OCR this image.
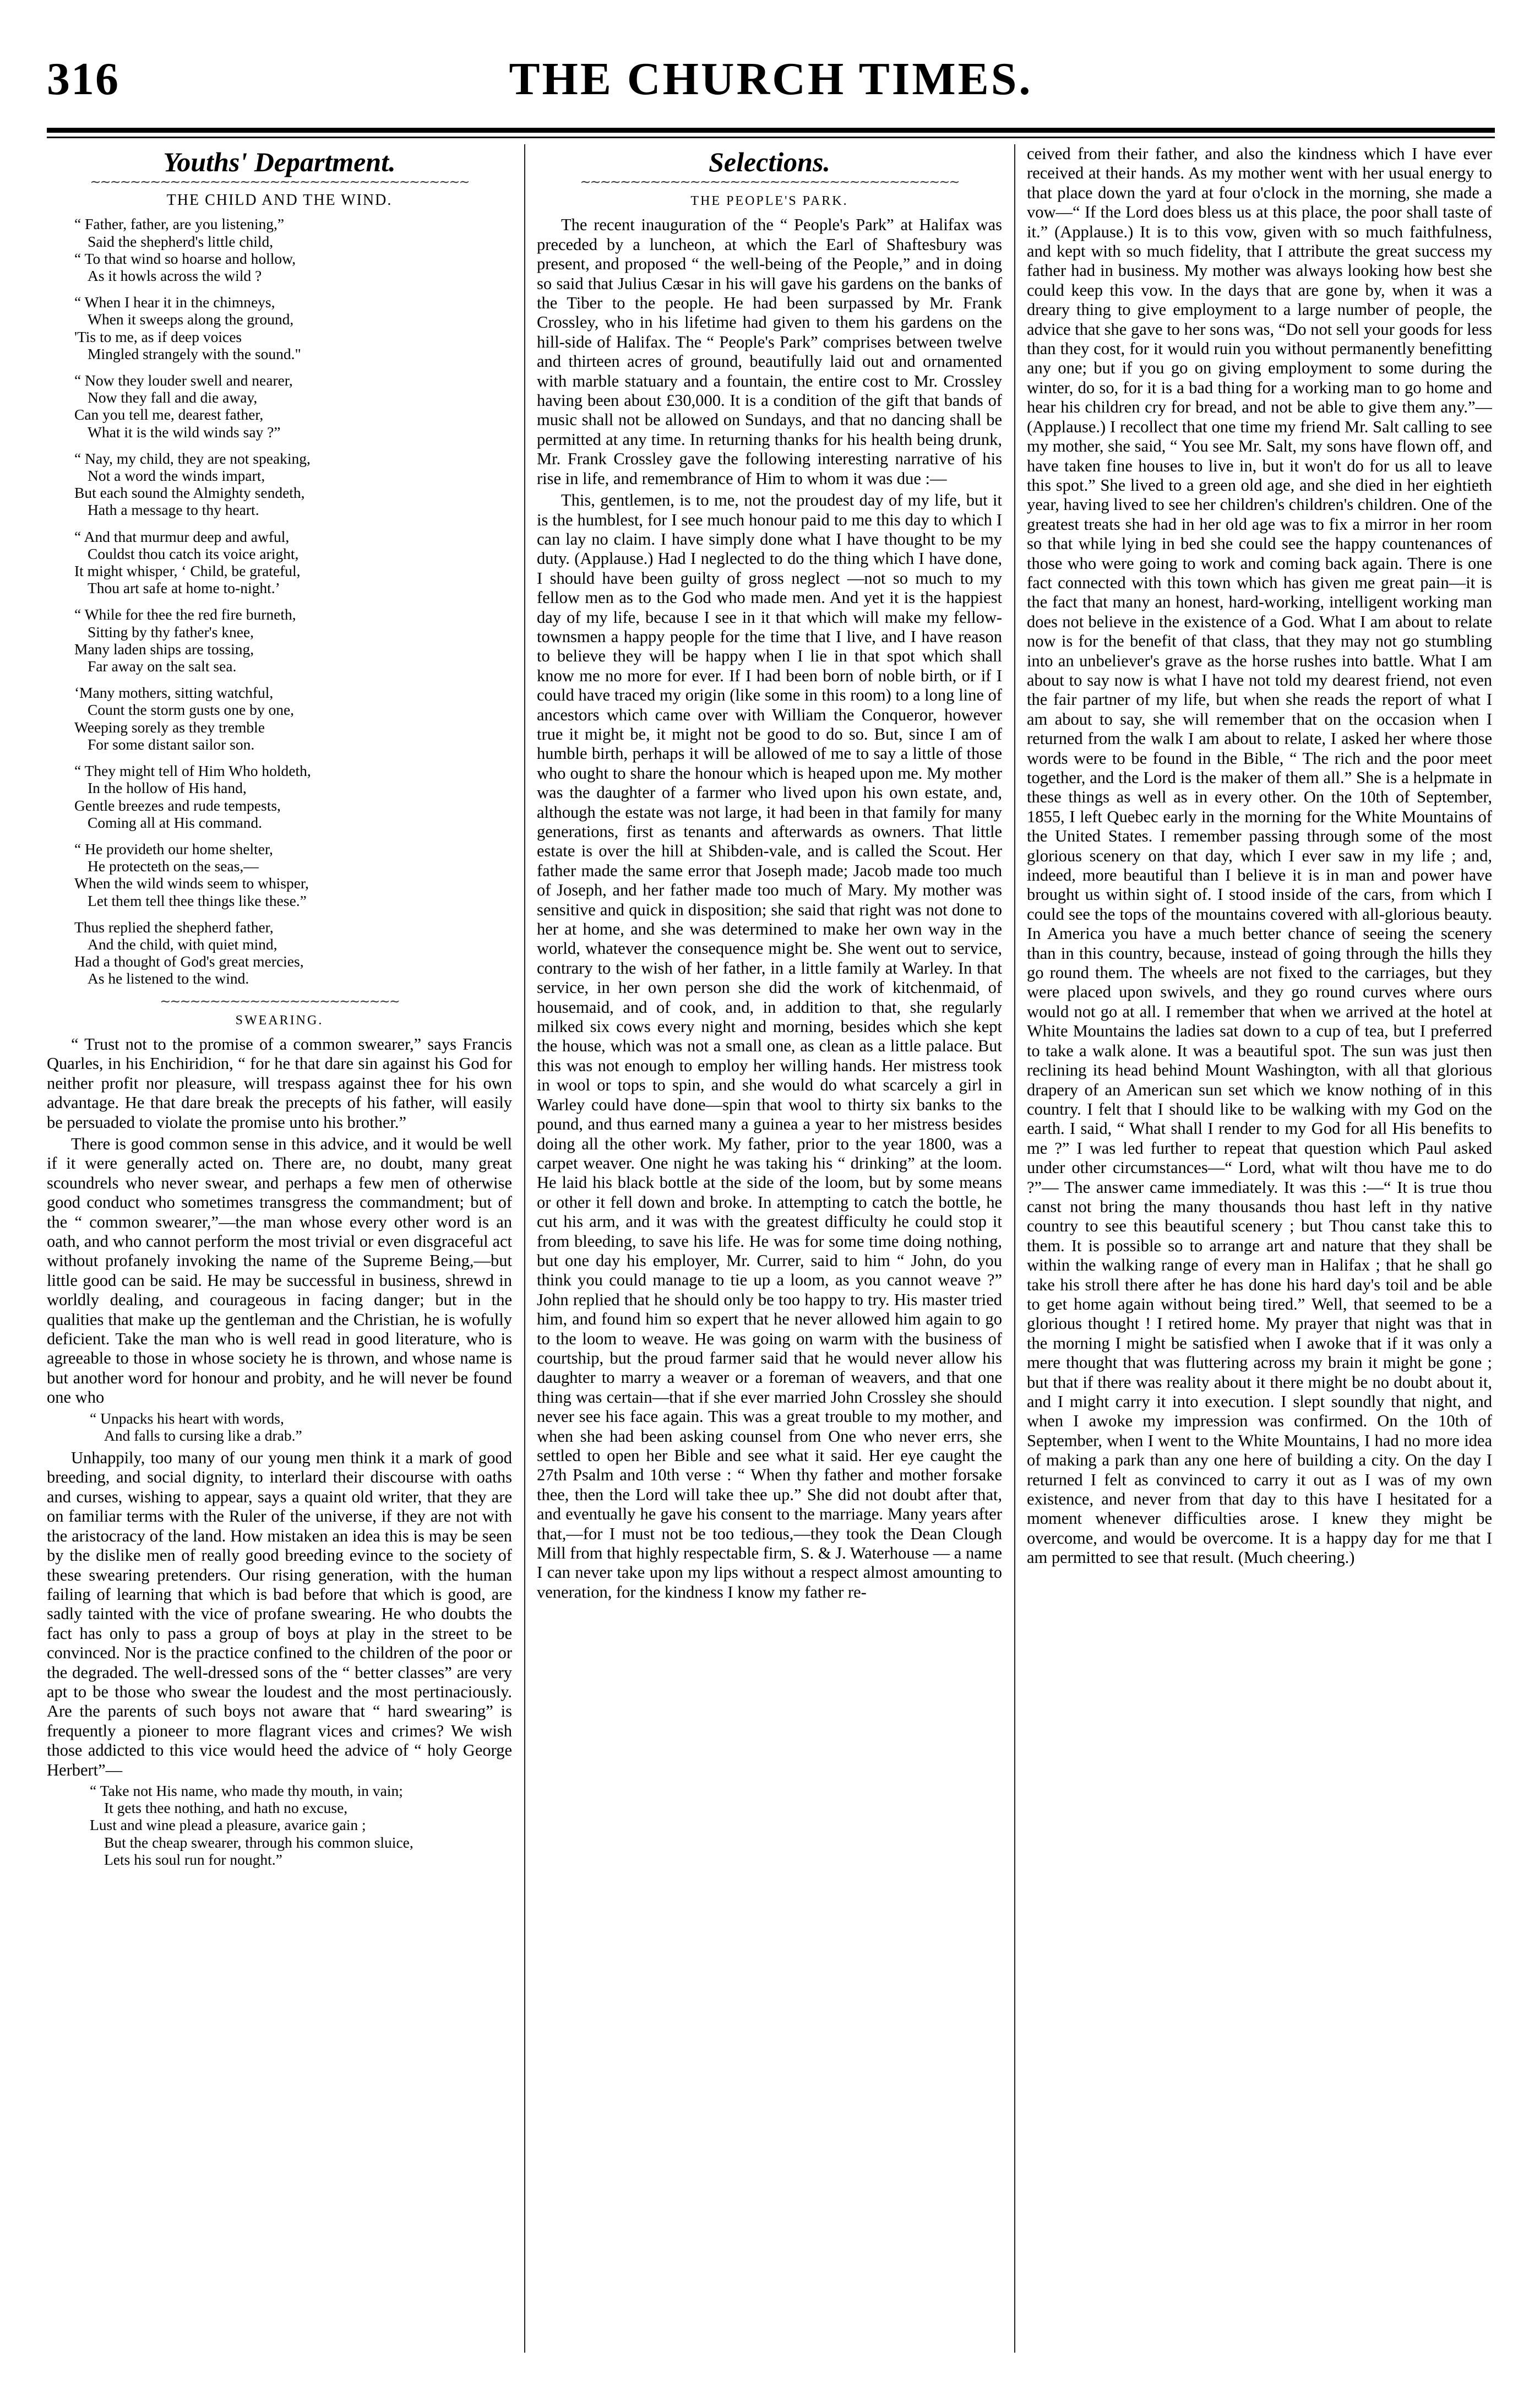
316	THE CHURCH TIMES.
Youths' Department.
∼∼∼∼∼∼∼∼∼∼∼∼∼∼∼∼∼∼∼∼∼∼∼∼∼∼∼∼∼∼∼∼∼∼∼∼∼∼
THE CHILD AND THE WIND.
“ Father, father, are you listening,”
Said the shepherd's little child,
“ To that wind so hoarse and hollow,
As it howls across the wild ?
“ When I hear it in the chimneys,
When it sweeps along the ground,
'Tis to me, as if deep voices
Mingled strangely with the sound."
“ Now they louder swell and nearer,
Now they fall and die away,
Can you tell me, dearest father,
What it is the wild winds say ?”
“ Nay, my child, they are not speaking,
Not a word the winds impart,
But each sound the Almighty sendeth,
Hath a message to thy heart.
“ And that murmur deep and awful,
Couldst thou catch its voice aright,
It might whisper, ‘ Child, be grateful,
Thou art safe at home to-night.’
“ While for thee the red fire burneth,
Sitting by thy father's knee,
Many laden ships are tossing,
Far away on the salt sea.
‘Many mothers, sitting watchful,
Count the storm gusts one by one,
Weeping sorely as they tremble
For some distant sailor son.
“ They might tell of Him Who holdeth,
In the hollow of His hand,
Gentle breezes and rude tempests,
Coming all at His command.
“ He provideth our home shelter,
He protecteth on the seas,—
When the wild winds seem to whisper,
Let them tell thee things like these.”
Thus replied the shepherd father,
And the child, with quiet mind,
Had a thought of God's great mercies,
As he listened to the wind.
∼∼∼∼∼∼∼∼∼∼∼∼∼∼∼∼∼∼∼∼∼∼∼∼
SWEARING.

“ Trust not to the promise of a common swearer,” says Francis Quarles, in his Enchiridion, “ for he that dare sin against his God for neither profit nor pleasure, will trespass against thee for his own advantage. He that dare break the precepts of his father, will easily be persuaded to violate the promise unto his brother.”

There is good common sense in this advice, and it would be well if it were generally acted on. There are, no doubt, many great scoundrels who never swear, and perhaps a few men of otherwise good conduct who sometimes transgress the commandment; but of the “ common swearer,”—the man whose every other word is an oath, and who cannot perform the most trivial or even disgraceful act without profanely invoking the name of the Supreme Being,—but little good can be said. He may be successful in business, shrewd in worldly dealing, and courageous in facing danger; but in the qualities that make up the gentleman and the Christian, he is wofully deficient. Take the man who is well read in good literature, who is agreeable to those in whose society he is thrown, and whose name is but another word for honour and probity, and he will never be found one who

“ Unpacks his heart with words,
And falls to cursing like a drab.”

Unhappily, too many of our young men think it a mark of good breeding, and social dignity, to interlard their discourse with oaths and curses, wishing to appear, says a quaint old writer, that they are on familiar terms with the Ruler of the universe, if they are not with the aristocracy of the land. How mistaken an idea this is may be seen by the dislike men of really good breeding evince to the society of these swearing pretenders. Our rising generation, with the human failing of learning that which is bad before that which is good, are sadly tainted with the vice of profane swearing. He who doubts the fact has only to pass a group of boys at play in the street to be convinced. Nor is the practice confined to the children of the poor or the degraded. The well-dressed sons of the “ better classes” are very apt to be those who swear the loudest and the most pertinaciously. Are the parents of such boys not aware that “ hard swearing” is frequently a pioneer to more flagrant vices and crimes? We wish those addicted to this vice would heed the advice of “ holy George Herbert”—

“ Take not His name, who made thy mouth, in vain;
It gets thee nothing, and hath no excuse,
Lust and wine plead a pleasure, avarice gain ;
But the cheap swearer, through his common sluice,
Lets his soul run for nought.”
Selections.
∼∼∼∼∼∼∼∼∼∼∼∼∼∼∼∼∼∼∼∼∼∼∼∼∼∼∼∼∼∼∼∼∼∼∼∼∼∼
THE PEOPLE'S PARK.

The recent inauguration of the “ People's Park” at Halifax was preceded by a luncheon, at which the Earl of Shaftesbury was present, and proposed “ the well-being of the People,” and in doing so said that Julius Cæsar in his will gave his gardens on the banks of the Tiber to the people. He had been surpassed by Mr. Frank Crossley, who in his lifetime had given to them his gardens on the hill-side of Halifax. The “ People's Park” comprises between twelve and thirteen acres of ground, beautifully laid out and ornamented with marble statuary and a fountain, the entire cost to Mr. Crossley having been about £30,000. It is a condition of the gift that bands of music shall not be allowed on Sundays, and that no dancing shall be permitted at any time. In returning thanks for his health being drunk, Mr. Frank Crossley gave the following interesting narrative of his rise in life, and remembrance of Him to whom it was due :—

This, gentlemen, is to me, not the proudest day of my life, but it is the humblest, for I see much honour paid to me this day to which I can lay no claim. I have simply done what I have thought to be my duty. (Applause.) Had I neglected to do the thing which I have done, I should have been guilty of gross neglect —not so much to my fellow men as to the God who made men. And yet it is the happiest day of my life, because I see in it that which will make my fellow-townsmen a happy people for the time that I live, and I have reason to believe they will be happy when I lie in that spot which shall know me no more for ever. If I had been born of noble birth, or if I could have traced my origin (like some in this room) to a long line of ancestors which came over with William the Conqueror, however true it might be, it might not be good to do so. But, since I am of humble birth, perhaps it will be allowed of me to say a little of those who ought to share the honour which is heaped upon me. My mother was the daughter of a farmer who lived upon his own estate, and, although the estate was not large, it had been in that family for many generations, first as tenants and afterwards as owners. That little estate is over the hill at Shibden-vale, and is called the Scout. Her father made the same error that Joseph made; Jacob made too much of Joseph, and her father made too much of Mary. My mother was sensitive and quick in disposition; she said that right was not done to her at home, and she was determined to make her own way in the world, whatever the consequence might be. She went out to service, contrary to the wish of her father, in a little family at Warley. In that service, in her own person she did the work of kitchenmaid, of housemaid, and of cook, and, in addition to that, she regularly milked six cows every night and morning, besides which she kept the house, which was not a small one, as clean as a little palace. But this was not enough to employ her willing hands. Her mistress took in wool or tops to spin, and she would do what scarcely a girl in Warley could have done—spin that wool to thirty six banks to the pound, and thus earned many a guinea a year to her mistress besides doing all the other work. My father, prior to the year 1800, was a carpet weaver. One night he was taking his “ drinking” at the loom. He laid his black bottle at the side of the loom, but by some means or other it fell down and broke. In attempting to catch the bottle, he cut his arm, and it was with the greatest difficulty he could stop it from bleeding, to save his life. He was for some time doing nothing, but one day his employer, Mr. Currer, said to him “ John, do you think you could manage to tie up a loom, as you cannot weave ?” John replied that he should only be too happy to try. His master tried him, and found him so expert that he never allowed him again to go to the loom to weave. He was going on warm with the business of courtship, but the proud farmer said that he would never allow his daughter to marry a weaver or a foreman of weavers, and that one thing was certain—that if she ever married John Crossley she should never see his face again. This was a great trouble to my mother, and when she had been asking counsel from One who never errs, she settled to open her Bible and see what it said. Her eye caught the 27th Psalm and 10th verse : “ When thy father and mother forsake thee, then the Lord will take thee up.” She did not doubt after that, and eventually he gave his consent to the marriage. Many years after that,—for I must not be too tedious,—they took the Dean Clough Mill from that highly respectable firm, S. & J. Waterhouse — a name I can never take upon my lips without a respect almost amounting to veneration, for the kindness I know my father re-

ceived from their father, and also the kindness which I have ever received at their hands. As my mother went with her usual energy to that place down the yard at four o'clock in the morning, she made a vow—“ If the Lord does bless us at this place, the poor shall taste of it.” (Applause.) It is to this vow, given with so much faithfulness, and kept with so much fidelity, that I attribute the great success my father had in business. My mother was always looking how best she could keep this vow. In the days that are gone by, when it was a dreary thing to give employment to a large number of people, the advice that she gave to her sons was, “Do not sell your goods for less than they cost, for it would ruin you without permanently benefitting any one; but if you go on giving employment to some during the winter, do so, for it is a bad thing for a working man to go home and hear his children cry for bread, and not be able to give them any.”—(Applause.) I recollect that one time my friend Mr. Salt calling to see my mother, she said, “ You see Mr. Salt, my sons have flown off, and have taken fine houses to live in, but it won't do for us all to leave this spot.” She lived to a green old age, and she died in her eightieth year, having lived to see her children's children's children. One of the greatest treats she had in her old age was to fix a mirror in her room so that while lying in bed she could see the happy countenances of those who were going to work and coming back again. There is one fact connected with this town which has given me great pain—it is the fact that many an honest, hard-working, intelligent working man does not believe in the existence of a God. What I am about to relate now is for the benefit of that class, that they may not go stumbling into an unbeliever's grave as the horse rushes into battle. What I am about to say now is what I have not told my dearest friend, not even the fair partner of my life, but when she reads the report of what I am about to say, she will remember that on the occasion when I returned from the walk I am about to relate, I asked her where those words were to be found in the Bible, “ The rich and the poor meet together, and the Lord is the maker of them all.” She is a helpmate in these things as well as in every other. On the 10th of September, 1855, I left Quebec early in the morning for the White Mountains of the United States. I remember passing through some of the most glorious scenery on that day, which I ever saw in my life ; and, indeed, more beautiful than I believe it is in man and power have brought us within sight of. I stood inside of the cars, from which I could see the tops of the mountains covered with all-glorious beauty. In America you have a much better chance of seeing the scenery than in this country, because, instead of going through the hills they go round them. The wheels are not fixed to the carriages, but they were placed upon swivels, and they go round curves where ours would not go at all. I remember that when we arrived at the hotel at White Mountains the ladies sat down to a cup of tea, but I preferred to take a walk alone. It was a beautiful spot. The sun was just then reclining its head behind Mount Washington, with all that glorious drapery of an American sun set which we know nothing of in this country. I felt that I should like to be walking with my God on the earth. I said, “ What shall I render to my God for all His benefits to me ?” I was led further to repeat that question which Paul asked under other circumstances—“ Lord, what wilt thou have me to do ?”— The answer came immediately. It was this :—“ It is true thou canst not bring the many thousands thou hast left in thy native country to see this beautiful scenery ; but Thou canst take this to them. It is possible so to arrange art and nature that they shall be within the walking range of every man in Halifax ; that he shall go take his stroll there after he has done his hard day's toil and be able to get home again without being tired.” Well, that seemed to be a glorious thought ! I retired home. My prayer that night was that in the morning I might be satisfied when I awoke that if it was only a mere thought that was fluttering across my brain it might be gone ; but that if there was reality about it there might be no doubt about it, and I might carry it into execution. I slept soundly that night, and when I awoke my impression was confirmed. On the 10th of September, when I went to the White Mountains, I had no more idea of making a park than any one here of building a city. On the day I returned I felt as convinced to carry it out as I was of my own existence, and never from that day to this have I hesitated for a moment whenever difficulties arose. I knew they might be overcome, and would be overcome. It is a happy day for me that I am permitted to see that result. (Much cheering.)
